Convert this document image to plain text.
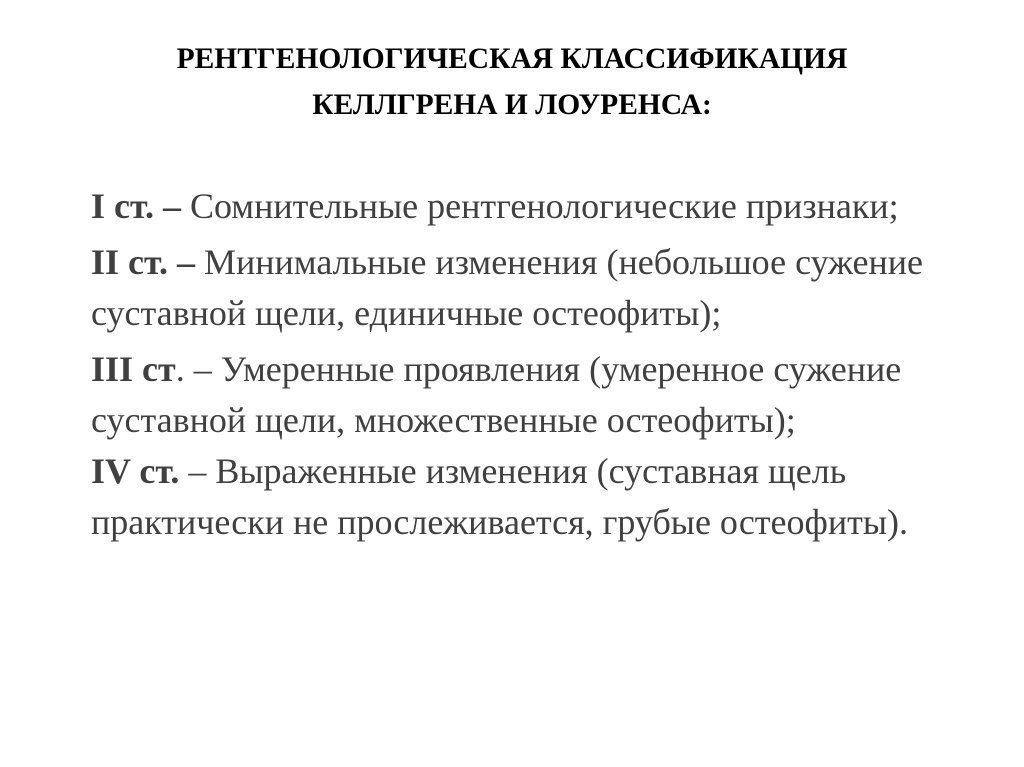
РЕНТГЕНОЛОГИЧЕСКАЯ КЛАССИФИКАЦИЯ
КЕЛЛГРЕНА И ЛОУРЕНСА:

I ст. – Сомнительные рентгенологические признаки;

II ст. – Минимальные изменения (небольшое сужение суставной щели, единичные остеофиты);

III ст. – Умеренные проявления (умеренное сужение суставной щели, множественные остеофиты);

IV ст. – Выраженные изменения (суставная щель практически не прослеживается, грубые остеофиты).
